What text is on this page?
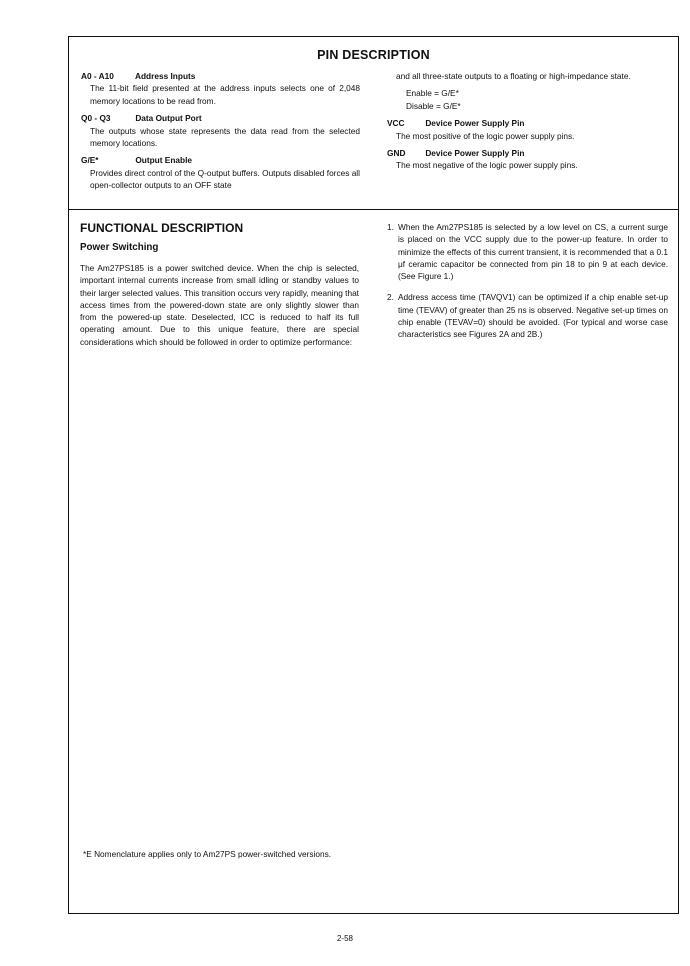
PIN DESCRIPTION
A0 - A10	Address Inputs
The 11-bit field presented at the address inputs selects one of 2,048 memory locations to be read from.
Q0 - Q3	Data Output Port
The outputs whose state represents the data read from the selected memory locations.
G/E*	Output Enable
Provides direct control of the Q-output buffers. Outputs disabled forces all open-collector outputs to an OFF state
and all three-state outputs to a floating or high-impedance state.
Enable = G/E*
Disable = G/E*
VCC	Device Power Supply Pin
The most positive of the logic power supply pins.
GND Device Power Supply Pin
The most negative of the logic power supply pins.
FUNCTIONAL DESCRIPTION
Power Switching
The Am27PS185 is a power switched device. When the chip is selected, important internal currents increase from small idling or standby values to their larger selected values. This transition occurs very rapidly, meaning that access times from the powered-down state are only slightly slower than from the powered-up state. Deselected, ICC is reduced to half its full operating amount. Due to this unique feature, there are special considerations which should be followed in order to optimize performance:
1. When the Am27PS185 is selected by a low level on CS, a current surge is placed on the VCC supply due to the power-up feature. In order to minimize the effects of this current transient, it is recommended that a 0.1 μf ceramic capacitor be connected from pin 18 to pin 9 at each device. (See Figure 1.)
2. Address access time (TAVQV1) can be optimized if a chip enable set-up time (TEVAV) of greater than 25 ns is observed. Negative set-up times on chip enable (TEVAV=0) should be avoided. (For typical and worse case characteristics see Figures 2A and 2B.)
*E Nomenclature applies only to Am27PS power-switched versions.
2-58
